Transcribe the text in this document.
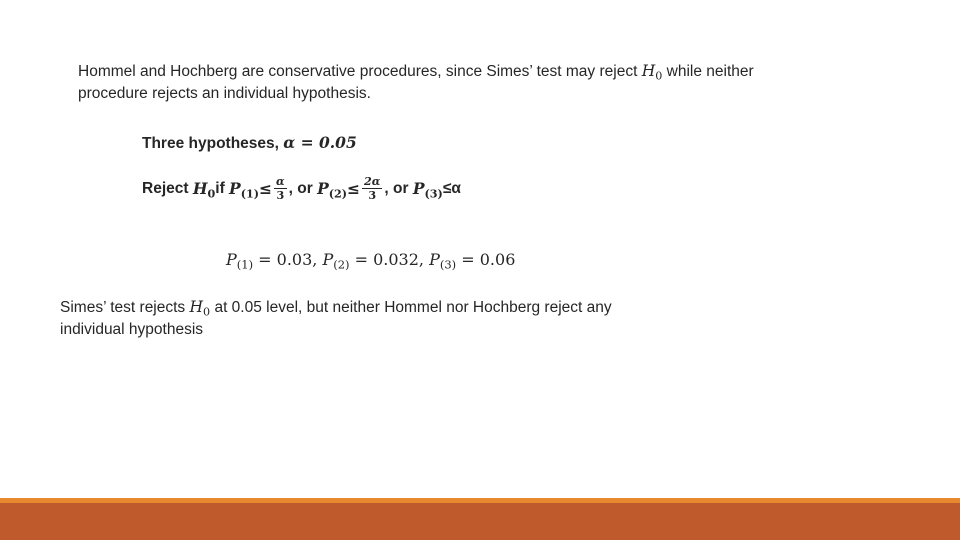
Hommel and Hochberg are conservative procedures, since Simes’ test may reject $H_0$ while neither procedure rejects an individual hypothesis.
Three hypotheses, α = 0.05
Reject
$H_0$ if
$P_{(1)} \le \frac{\alpha}{3}$ , or
$P_{(2)} \le \frac{2\alpha}{3}$ , or
$P_{(3)} \le\alpha$
$P_{(1)} = 0.03$, $P_{(2)} = 0.032$, $P_{(3)} = 0.06$
Simes’ test rejects $H_0$ at 0.05 level, but neither Hommel nor Hochberg reject any individual hypothesis
